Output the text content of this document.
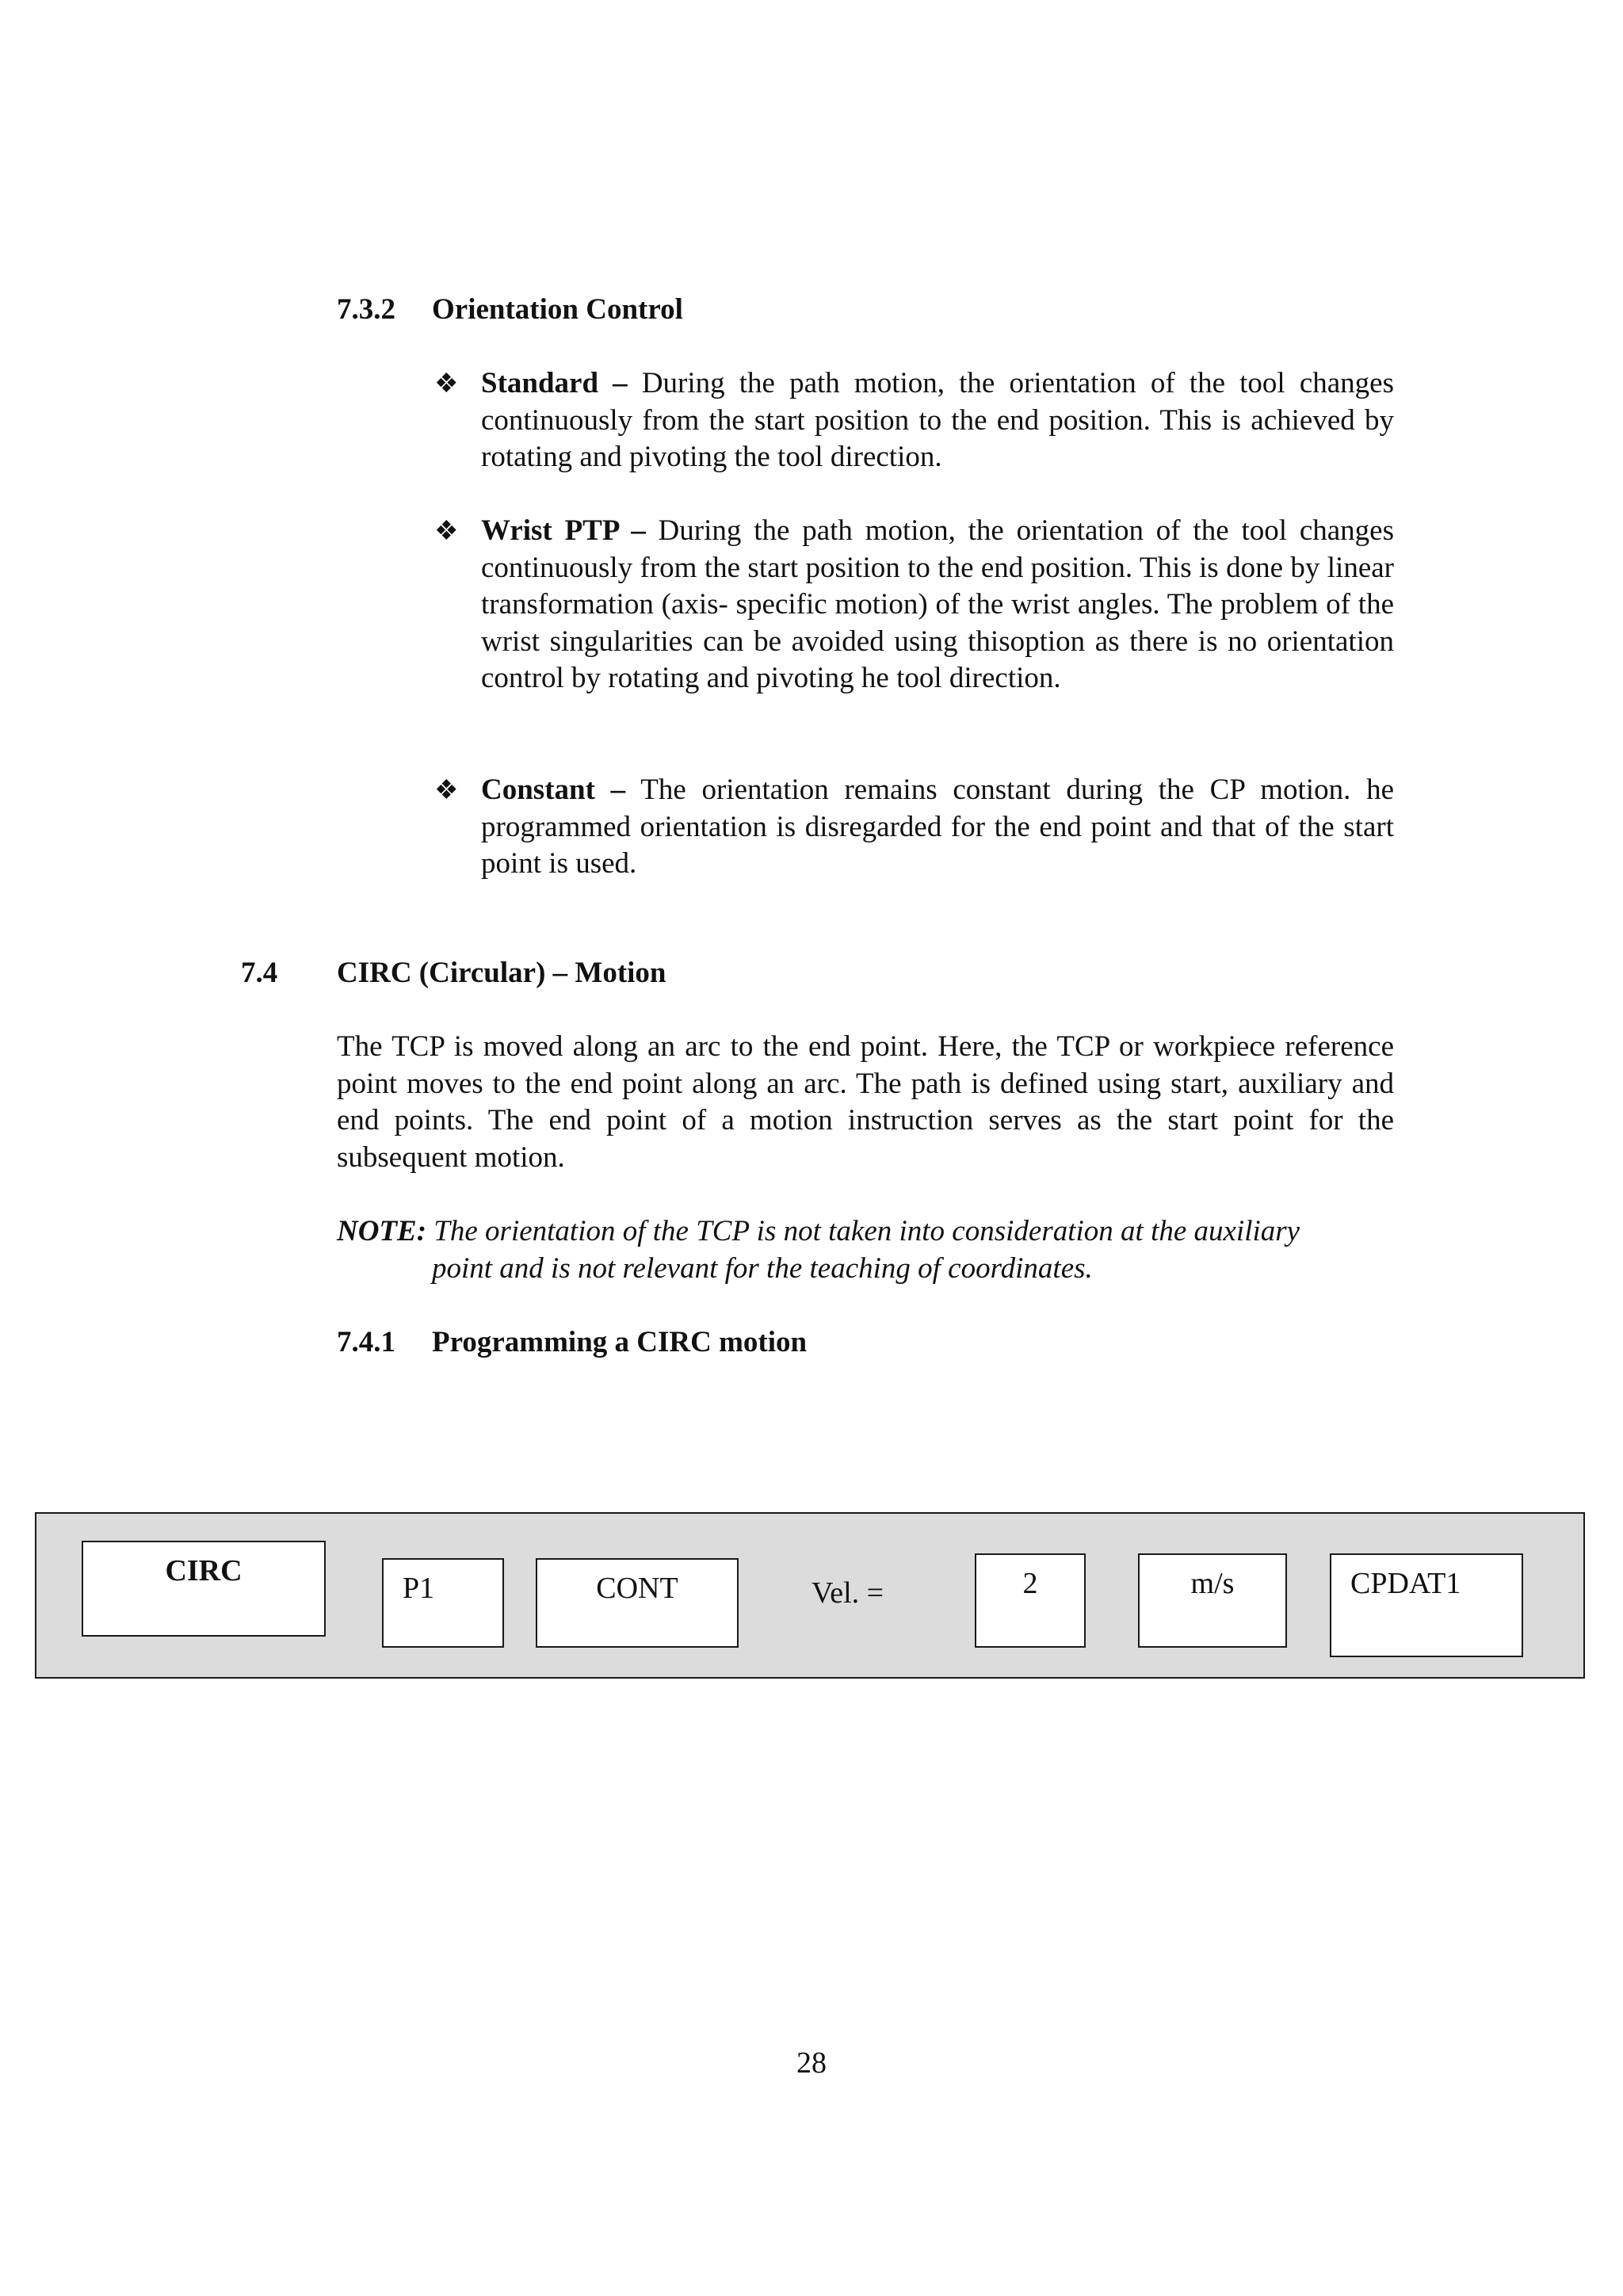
7.3.2 Orientation Control
❖ Standard – During the path motion, the orientation of the tool changes continuously from the start position to the end position. This is achieved by rotating and pivoting the tool direction.
❖ Wrist PTP – During the path motion, the orientation of the tool changes continuously from the start position to the end position. This is done by linear transformation (axis- specific motion) of the wrist angles. The problem of the wrist singularities can be avoided using thisoption as there is no orientation control by rotating and pivoting he tool direction.
❖ Constant – The orientation remains constant during the CP motion. he programmed orientation is disregarded for the end point and that of the start point is used.
7.4 CIRC (Circular) – Motion
The TCP is moved along an arc to the end point. Here, the TCP or workpiece reference point moves to the end point along an arc. The path is defined using start, auxiliary and end points. The end point of a motion instruction serves as the start point for the subsequent motion.
NOTE: The orientation of the TCP is not taken into consideration at the auxiliary
point and is not relevant for the teaching of coordinates.
7.4.1 Programming a CIRC motion
CIRC
P1	CONT	Vel. =	2	m/s	CPDAT1
28
